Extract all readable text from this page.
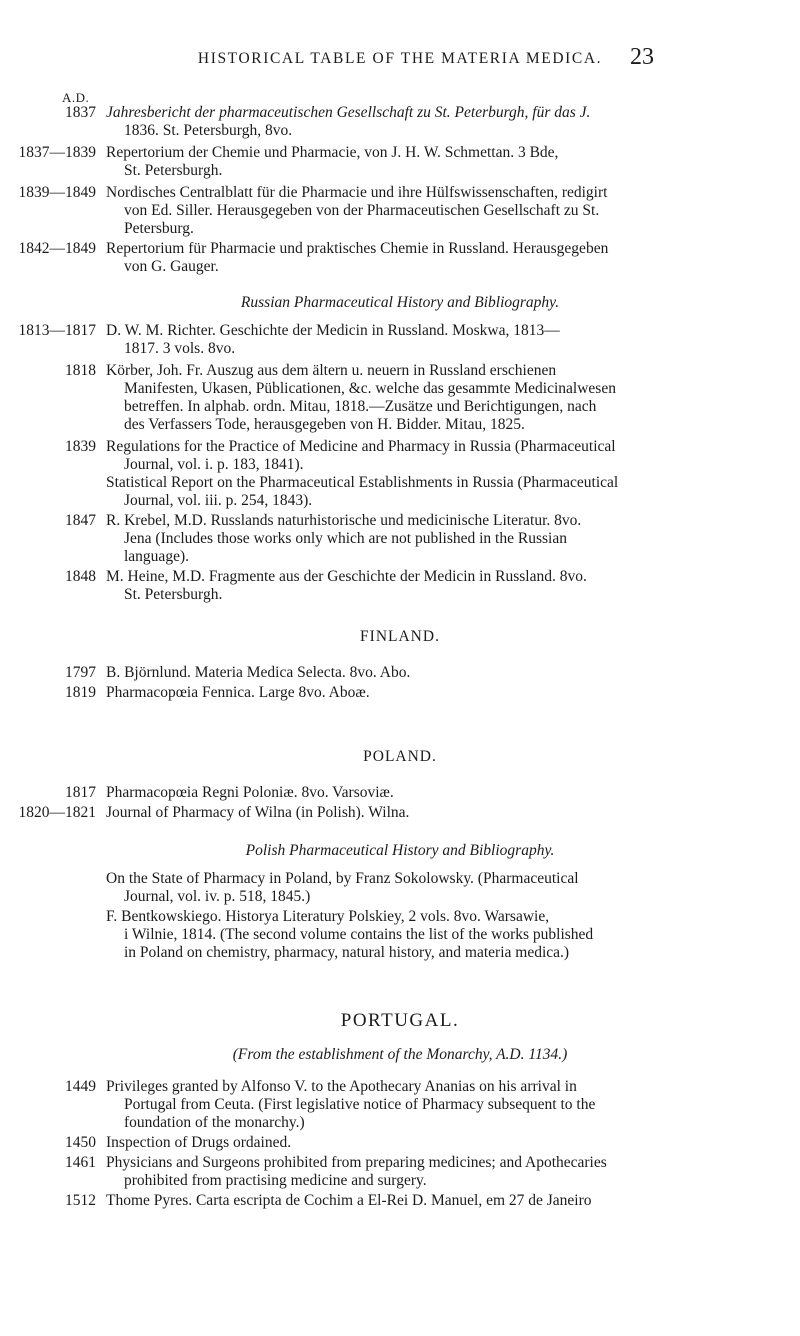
HISTORICAL TABLE OF THE MATERIA MEDICA.	23
A.D.
1837 Jahresbericht der pharmaceutischen Gesellschaft zu St. Peterburgh, für das J.
1836. St. Petersburgh, 8vo.
1837—1839 Repertorium der Chemie und Pharmacie, von J. H. W. Schmettan. 3 Bde,
St. Petersburgh.
1839—1849 Nordisches Centralblatt für die Pharmacie und ihre Hülfswissenschaften, redigirt
von Ed. Siller. Herausgegeben von der Pharmaceutischen Gesellschaft zu St.
Petersburg.
1842—1849 Repertorium für Pharmacie und praktisches Chemie in Russland. Herausgegeben
von G. Gauger.
Russian Pharmaceutical History and Bibliography.
1813—1817 D. W. M. Richter. Geschichte der Medicin in Russland. Moskwa, 1813—
1817. 3 vols. 8vo.
1818 Körber, Joh. Fr. Auszug aus dem ältern u. neuern in Russland erschienen
Manifesten, Ukasen, Püblicationen, &c. welche das gesammte Medicinalwesen
betreffen. In alphab. ordn. Mitau, 1818.—Zusätze und Berichtigungen, nach
des Verfassers Tode, herausgegeben von H. Bidder. Mitau, 1825.
1839 Regulations for the Practice of Medicine and Pharmacy in Russia (Pharmaceutical
Journal, vol. i. p. 183, 1841).
Statistical Report on the Pharmaceutical Establishments in Russia (Pharmaceutical
Journal, vol. iii. p. 254, 1843).
1847 R. Krebel, M.D. Russlands naturhistorische und medicinische Literatur. 8vo.
Jena (Includes those works only which are not published in the Russian
language).
1848 M. Heine, M.D. Fragmente aus der Geschichte der Medicin in Russland. 8vo.
St. Petersburgh.
FINLAND.
1797 B. Björnlund. Materia Medica Selecta. 8vo. Abo.
1819 Pharmacopœia Fennica. Large 8vo. Aboæ.
POLAND.
1817 Pharmacopœia Regni Poloniæ. 8vo. Varsoviæ.
1820—1821 Journal of Pharmacy of Wilna (in Polish). Wilna.
Polish Pharmaceutical History and Bibliography.
On the State of Pharmacy in Poland, by Franz Sokolowsky. (Pharmaceutical
Journal, vol. iv. p. 518, 1845.)
F. Bentkowskiego. Historya Literatury Polskiey, 2 vols. 8vo. Warsawie,
i Wilnie, 1814. (The second volume contains the list of the works published
in Poland on chemistry, pharmacy, natural history, and materia medica.)
PORTUGAL.
(From the establishment of the Monarchy, A.D. 1134.)
1449 Privileges granted by Alfonso V. to the Apothecary Ananias on his arrival in
Portugal from Ceuta. (First legislative notice of Pharmacy subsequent to the
foundation of the monarchy.)
1450 Inspection of Drugs ordained.
1461 Physicians and Surgeons prohibited from preparing medicines; and Apothecaries
prohibited from practising medicine and surgery.
1512 Thome Pyres. Carta escripta de Cochim a El-Rei D. Manuel, em 27 de Janeiro
